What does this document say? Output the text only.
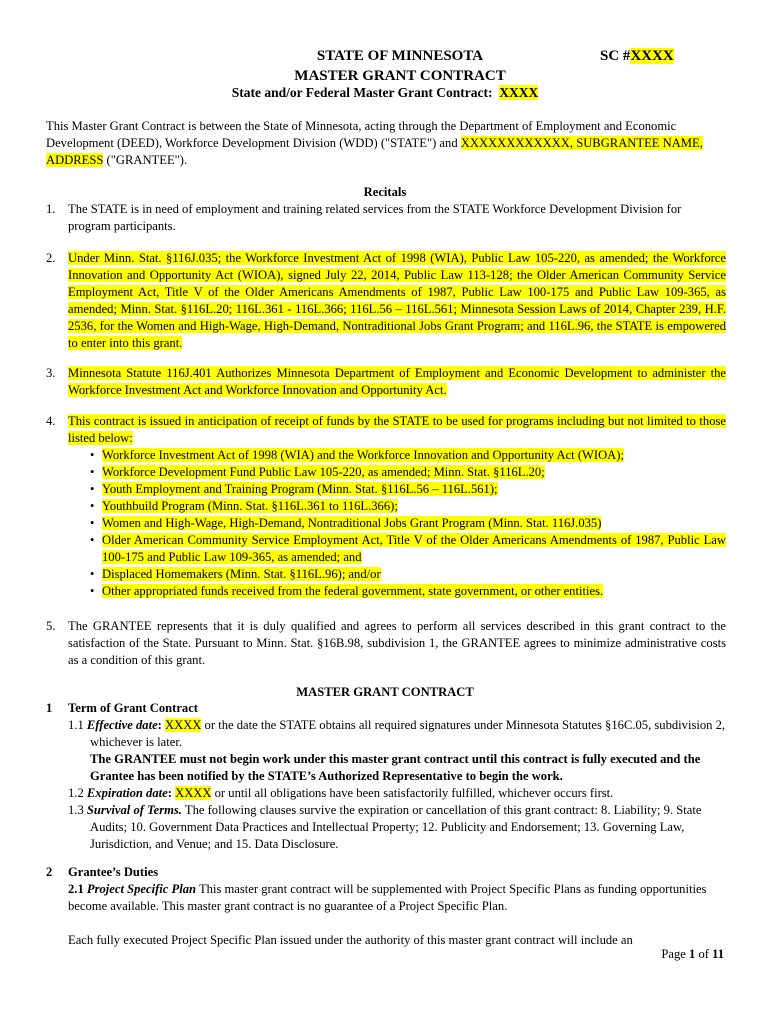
STATE OF MINNESOTA
MASTER GRANT CONTRACT
SC #XXXX
State and/or Federal Master Grant Contract: XXXX
This Master Grant Contract is between the State of Minnesota, acting through the Department of Employment and Economic Development (DEED), Workforce Development Division (WDD) ("STATE") and XXXXXXXXXXXX, SUBGRANTEE NAME, ADDRESS ("GRANTEE").
Recitals
1. The STATE is in need of employment and training related services from the STATE Workforce Development Division for program participants.
2. Under Minn. Stat. §116J.035; the Workforce Investment Act of 1998 (WIA), Public Law 105-220, as amended; the Workforce Innovation and Opportunity Act (WIOA), signed July 22, 2014, Public Law 113-128; the Older American Community Service Employment Act, Title V of the Older Americans Amendments of 1987, Public Law 100-175 and Public Law 109-365, as amended; Minn. Stat. §116L.20; 116L.361 - 116L.366; 116L.56 – 116L.561; Minnesota Session Laws of 2014, Chapter 239, H.F. 2536, for the Women and High-Wage, High-Demand, Nontraditional Jobs Grant Program; and 116L.96, the STATE is empowered to enter into this grant.
3. Minnesota Statute 116J.401 Authorizes Minnesota Department of Employment and Economic Development to administer the Workforce Investment Act and Workforce Innovation and Opportunity Act.
4. This contract is issued in anticipation of receipt of funds by the STATE to be used for programs including but not limited to those listed below:
• Workforce Investment Act of 1998 (WIA) and the Workforce Innovation and Opportunity Act (WIOA);
• Workforce Development Fund Public Law 105-220, as amended; Minn. Stat. §116L.20;
• Youth Employment and Training Program (Minn. Stat. §116L.56 – 116L.561);
• Youthbuild Program (Minn. Stat. §116L.361 to 116L.366);
• Women and High-Wage, High-Demand, Nontraditional Jobs Grant Program (Minn. Stat. 116J.035)
• Older American Community Service Employment Act, Title V of the Older Americans Amendments of 1987, Public Law 100-175 and Public Law 109-365, as amended; and
• Displaced Homemakers (Minn. Stat. §116L.96); and/or
• Other appropriated funds received from the federal government, state government, or other entities.
5. The GRANTEE represents that it is duly qualified and agrees to perform all services described in this grant contract to the satisfaction of the State. Pursuant to Minn. Stat. §16B.98, subdivision 1, the GRANTEE agrees to minimize administrative costs as a condition of this grant.
MASTER GRANT CONTRACT
1 Term of Grant Contract
1.1 Effective date: XXXX or the date the STATE obtains all required signatures under Minnesota Statutes §16C.05, subdivision 2, whichever is later.
The GRANTEE must not begin work under this master grant contract until this contract is fully executed and the Grantee has been notified by the STATE’s Authorized Representative to begin the work.
1.2 Expiration date: XXXX or until all obligations have been satisfactorily fulfilled, whichever occurs first.
1.3 Survival of Terms. The following clauses survive the expiration or cancellation of this grant contract: 8. Liability; 9. State Audits; 10. Government Data Practices and Intellectual Property; 12. Publicity and Endorsement; 13. Governing Law, Jurisdiction, and Venue; and 15. Data Disclosure.
2 Grantee’s Duties
2.1 Project Specific Plan This master grant contract will be supplemented with Project Specific Plans as funding opportunities become available. This master grant contract is no guarantee of a Project Specific Plan.
Each fully executed Project Specific Plan issued under the authority of this master grant contract will include an
Page 1 of 11
